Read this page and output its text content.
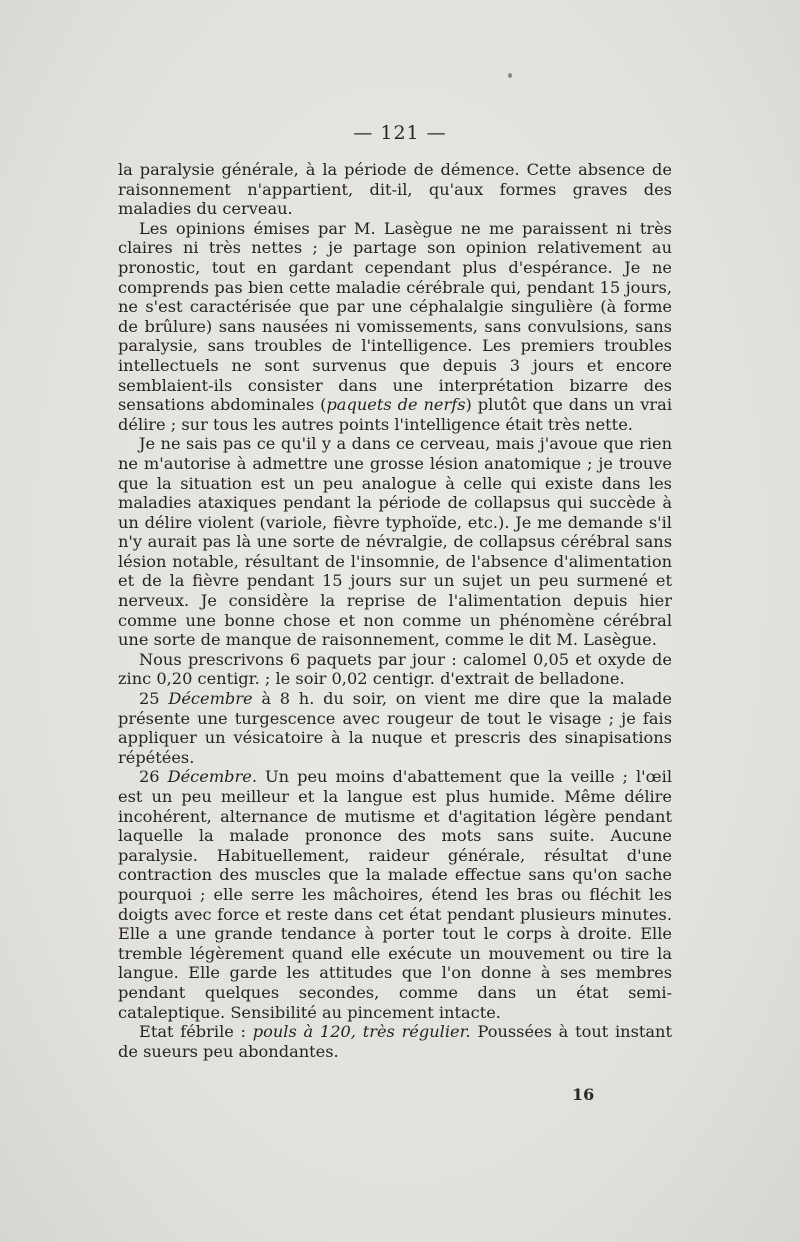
— 121 —

la paralysie générale, à la période de démence. Cette absence de raisonnement n'appartient, dit-il, qu'aux formes graves des maladies du cerveau.

Les opinions émises par M. Lasègue ne me paraissent ni très claires ni très nettes ; je partage son opinion relativement au pronostic, tout en gardant cependant plus d'espérance. Je ne comprends pas bien cette maladie cérébrale qui, pendant 15 jours, ne s'est caractérisée que par une céphalalgie singulière (à forme de brûlure) sans nausées ni vomissements, sans convulsions, sans paralysie, sans troubles de l'intelligence. Les premiers troubles intellectuels ne sont survenus que depuis 3 jours et encore semblaient-ils consister dans une interprétation bizarre des sensations abdominales (paquets de nerfs) plutôt que dans un vrai délire ; sur tous les autres points l'intelligence était très nette.

Je ne sais pas ce qu'il y a dans ce cerveau, mais j'avoue que rien ne m'autorise à admettre une grosse lésion anatomique ; je trouve que la situation est un peu analogue à celle qui existe dans les maladies ataxiques pendant la période de collapsus qui succède à un délire violent (variole, fièvre typhoïde, etc.). Je me demande s'il n'y aurait pas là une sorte de névralgie, de collapsus cérébral sans lésion notable, résultant de l'insomnie, de l'absence d'alimentation et de la fièvre pendant 15 jours sur un sujet un peu surmené et nerveux. Je considère la reprise de l'alimentation depuis hier comme une bonne chose et non comme un phénomène cérébral une sorte de manque de raisonnement, comme le dit M. Lasègue.

Nous prescrivons 6 paquets par jour : calomel 0,05 et oxyde de zinc 0,20 centigr. ; le soir 0,02 centigr. d'extrait de belladone.

25 Décembre à 8 h. du soir, on vient me dire que la malade présente une turgescence avec rougeur de tout le visage ; je fais appliquer un vésicatoire à la nuque et prescris des sinapisations répétées.

26 Décembre. Un peu moins d'abattement que la veille ; l'œil est un peu meilleur et la langue est plus humide. Même délire incohérent, alternance de mutisme et d'agitation légère pendant laquelle la malade prononce des mots sans suite. Aucune paralysie. Habituellement, raideur générale, résultat d'une contraction des muscles que la malade effectue sans qu'on sache pourquoi ; elle serre les mâchoires, étend les bras ou fléchit les doigts avec force et reste dans cet état pendant plusieurs minutes. Elle a une grande tendance à porter tout le corps à droite. Elle tremble légèrement quand elle exécute un mouvement ou tire la langue. Elle garde les attitudes que l'on donne à ses membres pendant quelques secondes, comme dans un état semi-cataleptique. Sensibilité au pincement intacte.

Etat fébrile : pouls à 120, très régulier. Poussées à tout instant de sueurs peu abondantes.

16
